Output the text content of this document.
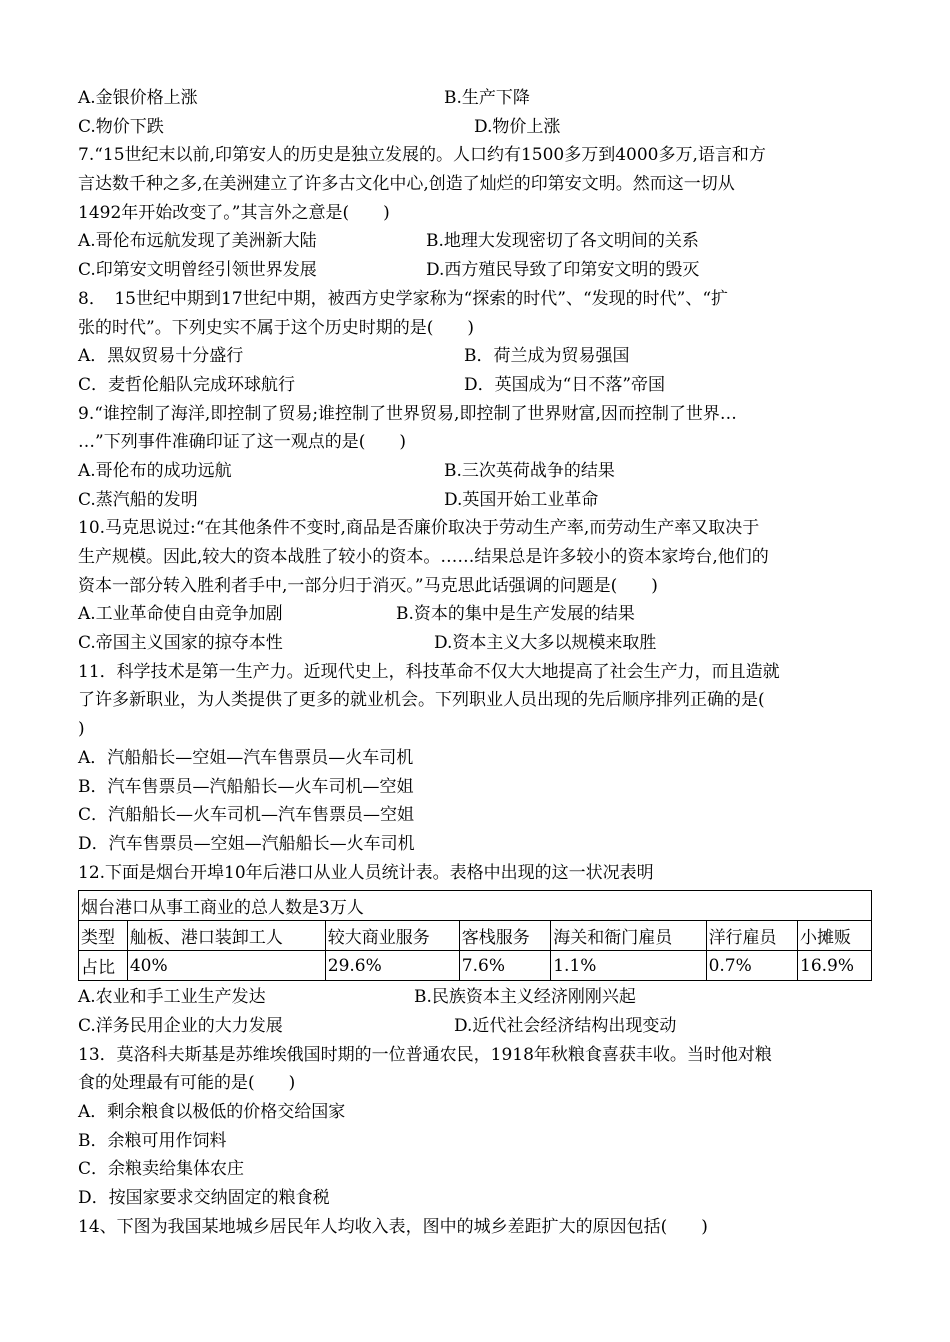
A.金银价格上涨	B.生产下降
C.物价下跌	D.物价上涨
7.“15世纪末以前,印第安人的历史是独立发展的。人口约有1500多万到4000多万,语言和方
言达数千种之多,在美洲建立了许多古文化中心,创造了灿烂的印第安文明。然而这一切从
1492年开始改变了。”其言外之意是(　　)
A.哥伦布远航发现了美洲新大陆	B.地理大发现密切了各文明间的关系
C.印第安文明曾经引领世界发展	D.西方殖民导致了印第安文明的毁灭
8．　15世纪中期到17世纪中期，被西方史学家称为“探索的时代”、“发现的时代”、“扩
张的时代”。下列史实不属于这个历史时期的是(　　)
A．黑奴贸易十分盛行	B．荷兰成为贸易强国
C．麦哲伦船队完成环球航行	D．英国成为“日不落”帝国
9.“谁控制了海洋,即控制了贸易;谁控制了世界贸易,即控制了世界财富,因而控制了世界…
…”下列事件准确印证了这一观点的是(　　)
A.哥伦布的成功远航	B.三次英荷战争的结果
C.蒸汽船的发明	D.英国开始工业革命
10.马克思说过:“在其他条件不变时,商品是否廉价取决于劳动生产率,而劳动生产率又取决于
生产规模。因此,较大的资本战胜了较小的资本。……结果总是许多较小的资本家垮台,他们的
资本一部分转入胜利者手中,一部分归于消灭。”马克思此话强调的问题是(　　)
A.工业革命使自由竞争加剧	B.资本的集中是生产发展的结果
C.帝国主义国家的掠夺本性	D.资本主义大多以规模来取胜
11．科学技术是第一生产力。近现代史上，科技革命不仅大大地提高了社会生产力，而且造就
了许多新职业，为人类提供了更多的就业机会。下列职业人员出现的先后顺序排列正确的是(
)
A．汽船船长—空姐—汽车售票员—火车司机
B．汽车售票员—汽船船长—火车司机—空姐
C．汽船船长—火车司机—汽车售票员—空姐
D．汽车售票员—空姐—汽船船长—火车司机
12.下面是烟台开埠10年后港口从业人员统计表。表格中出现的这一状况表明
烟台港口从事工商业的总人数是3万人						
类型	舢板、港口装卸工人	较大商业服务	客栈服务	海关和衙门雇员	洋行雇员	小摊贩
占比	40%	29.6%	7.6%	1.1%	0.7%	16.9%
A.农业和手工业生产发达	B.民族资本主义经济刚刚兴起
C.洋务民用企业的大力发展	D.近代社会经济结构出现变动
13．莫洛科夫斯基是苏维埃俄国时期的一位普通农民，1918年秋粮食喜获丰收。当时他对粮
食的处理最有可能的是(　　)
A．剩余粮食以极低的价格交给国家
B．余粮可用作饲料
C．余粮卖给集体农庄
D．按国家要求交纳固定的粮食税
14、下图为我国某地城乡居民年人均收入表，图中的城乡差距扩大的原因包括(　　)
